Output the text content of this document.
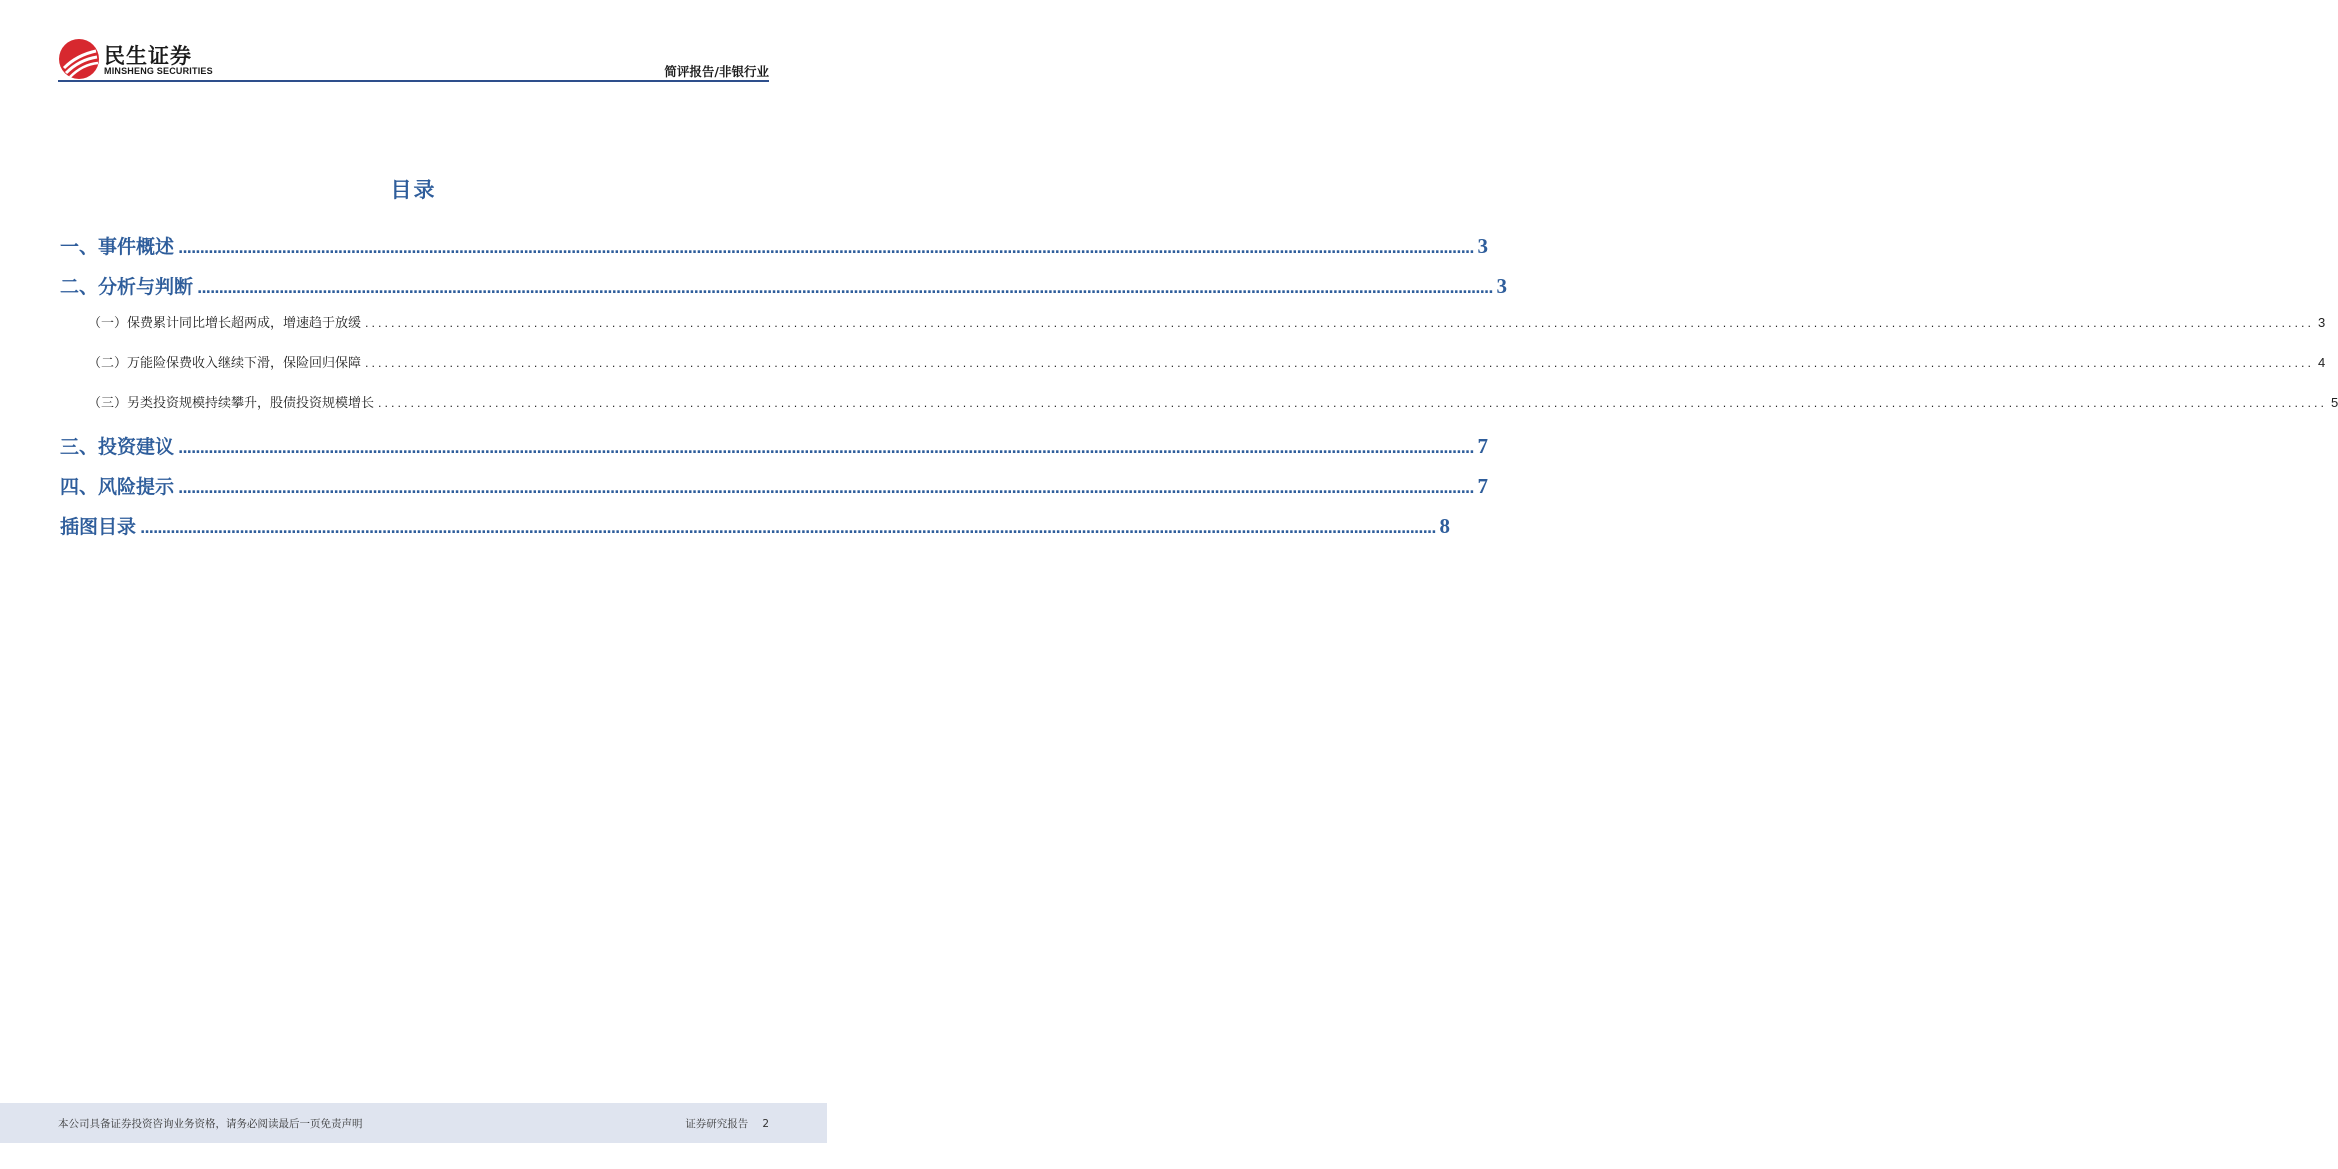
民生证券
MINSHENG SECURITIES	简评报告/非银行业
目录
一、事件概述 ............................................................................................................................................................................................................................................................................................................ 3
二、分析与判断 ............................................................................................................................................................................................................................................................................................................ 3
（一）保费累计同比增长超两成，增速趋于放缓 ............................................................................................................................................................................................................................................................................................................ 3
（二）万能险保费收入继续下滑，保险回归保障 ............................................................................................................................................................................................................................................................................................................ 4
（三）另类投资规模持续攀升，股债投资规模增长 ............................................................................................................................................................................................................................................................................................................ 5
三、投资建议 ............................................................................................................................................................................................................................................................................................................ 7
四、风险提示 ............................................................................................................................................................................................................................................................................................................ 7
插图目录 ............................................................................................................................................................................................................................................................................................................ 8
本公司具备证券投资咨询业务资格，请务必阅读最后一页免责声明	证券研究报告 2
